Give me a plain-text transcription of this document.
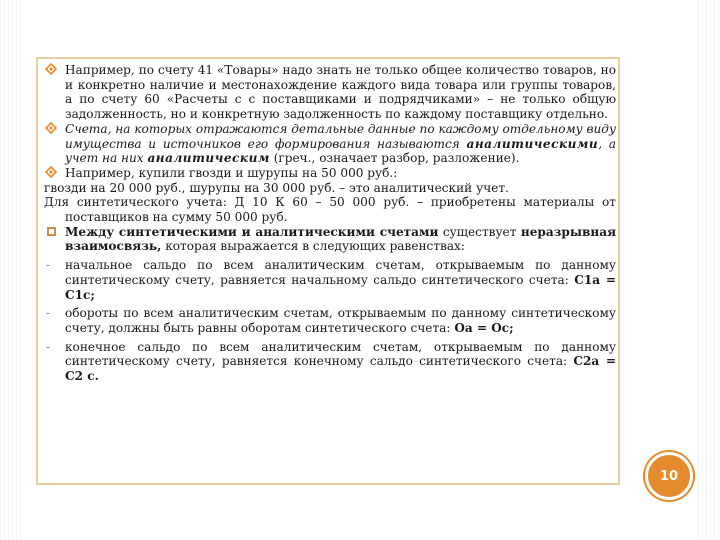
Например, по счету 41 «Товары» надо знать не только общее количество товаров, но и конкретно наличие и местонахождение каждого вида товара или группы товаров, а по счету 60 «Расчеты с с поставщиками и подрядчиками» – не только общую задолженность, но и конкретную задолженность по каждому поставщику отдельно.

Счета, на которых отражаются детальные данные по каждому отдельному виду имущества и источников его формирования называются аналитическими, а учет на них аналитическим (греч., означает разбор, разложение).

Например, купили гвозди и шурупы на 50 000 руб.:

гвозди на 20 000 руб., шурупы на 30 000 руб. – это аналитический учет.

Для синтетического учета: Д 10 К 60 – 50 000 руб. – приобретены материалы от поставщиков на сумму 50 000 руб.

Между синтетическими и аналитическими счетами существует неразрывная взаимосвязь, которая выражается в следующих равенствах:

-	начальное сальдо по всем аналитическим счетам, открываемым по данному синтетическому счету, равняется начальному сальдо синтетического счета: С1а = С1с;

-	обороты по всем аналитическим счетам, открываемым по данному синтетическому счету, должны быть равны оборотам синтетического счета: Оа = Ос;

-	конечное сальдо по всем аналитическим счетам, открываемым по данному синтетическому счету, равняется конечному сальдо синтетического счета: С2а = С2 с.

10
